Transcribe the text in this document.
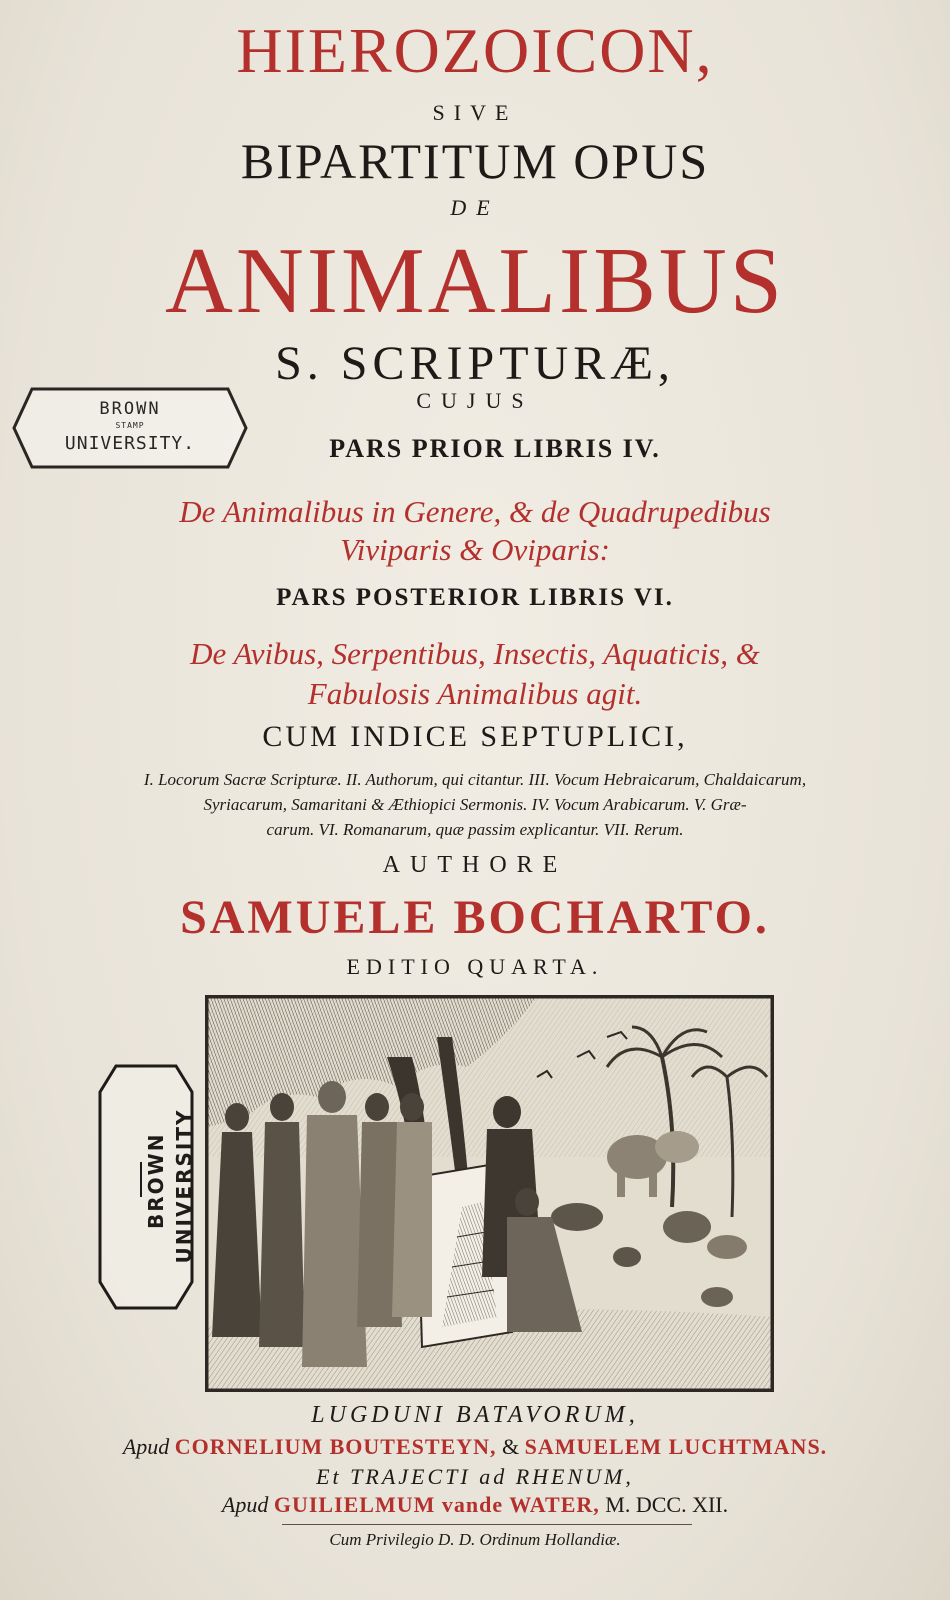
HIEROZOICON,
SIVE
BIPARTITUM OPUS
DE
ANIMALIBUS
S. SCRIPTURÆ,
CUJUS
PARS PRIOR LIBRIS IV.
De Animalibus in Genere, & de Quadrupedibus
Viviparis & Oviparis:
PARS POSTERIOR LIBRIS VI.
De Avibus, Serpentibus, Insectis, Aquaticis, &
Fabulosis Animalibus agit.
CUM INDICE SEPTUPLICI,
I. Locorum Sacræ Scripturæ. II. Authorum, qui citantur. III. Vocum Hebraicarum, Chaldaicarum,
Syriacarum, Samaritani & Æthiopici Sermonis. IV. Vocum Arabicarum. V. Græ-
carum. VI. Romanarum, quæ passim explicantur. VII. Rerum.
AUTHORE
SAMUELE BOCHARTO.
EDITIO QUARTA.
BROWN
STAMP
UNIVERSITY.
BROWN UNIVERSITY
LUGDUNI BATAVORUM,
Apud CORNELIUM BOUTESTEYN, & SAMUELEM LUCHTMANS.
Et TRAJECTI ad RHENUM,
Apud GUILIELMUM vande WATER, M. DCC. XII.
Cum Privilegio D. D. Ordinum Hollandiæ.
